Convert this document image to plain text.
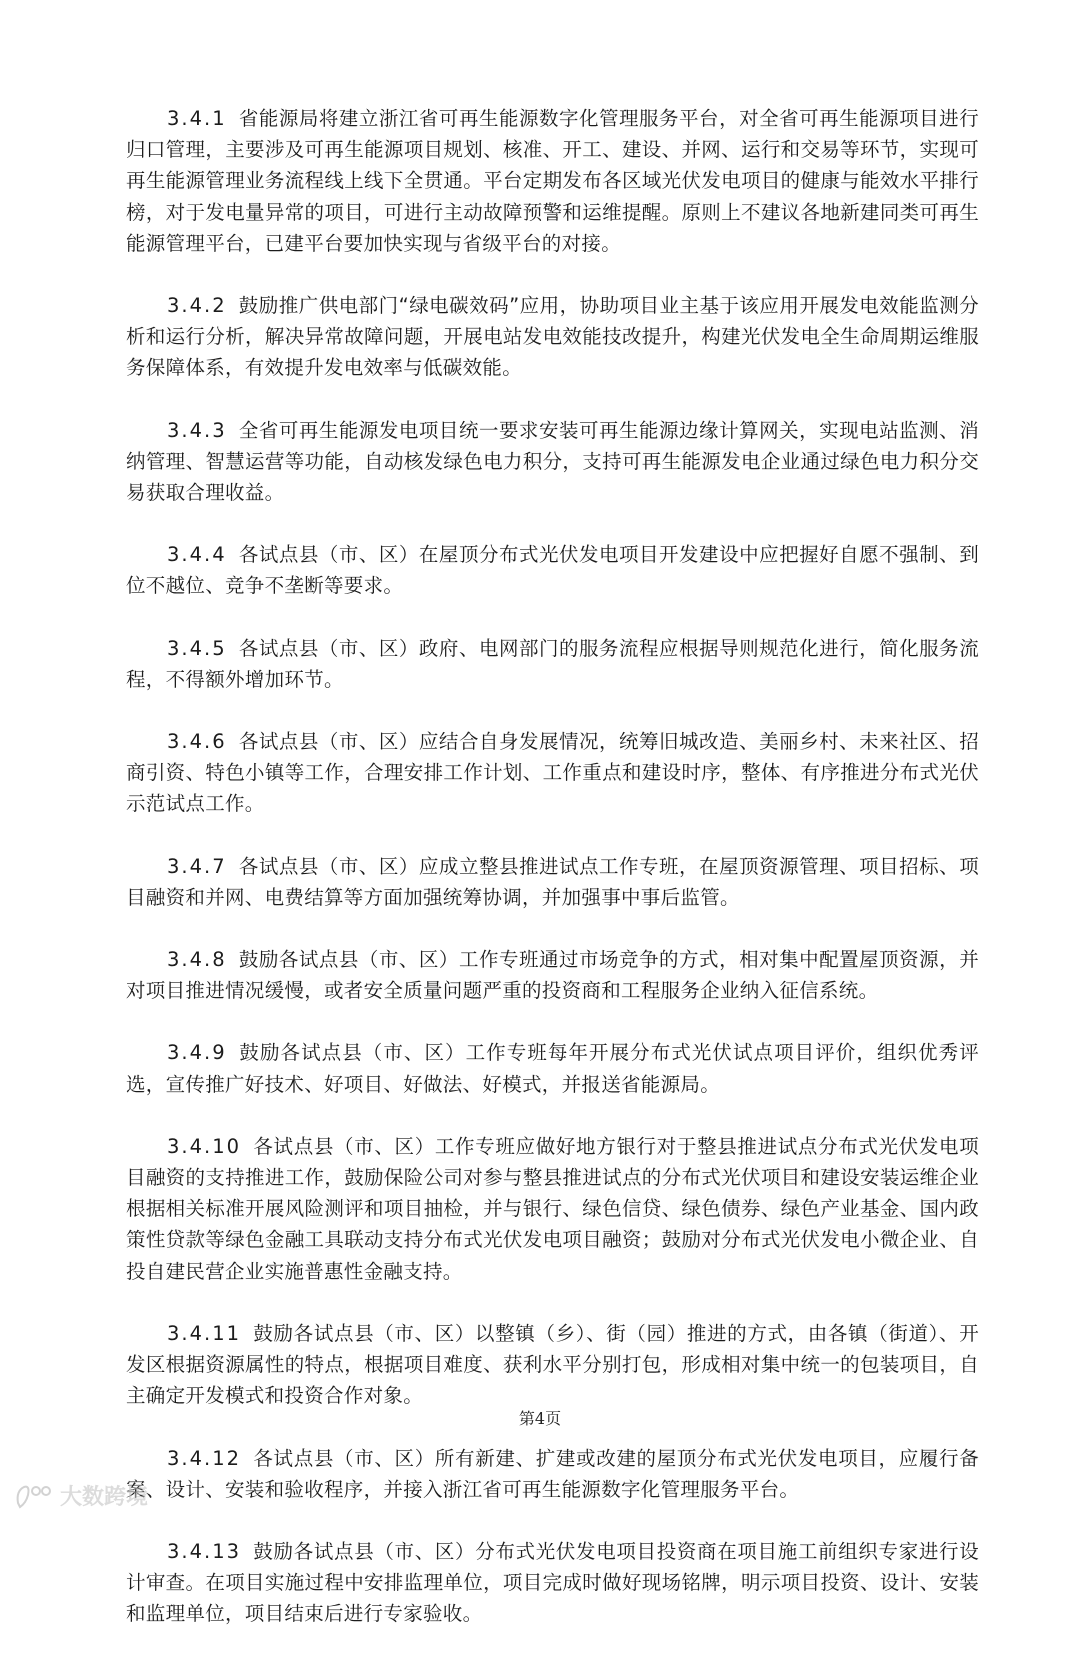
3.4.1 省能源局将建立浙江省可再生能源数字化管理服务平台，对全省可再生能源项目进行归口管理，主要涉及可再生能源项目规划、核准、开工、建设、并网、运行和交易等环节，实现可再生能源管理业务流程线上线下全贯通。平台定期发布各区域光伏发电项目的健康与能效水平排行榜，对于发电量异常的项目，可进行主动故障预警和运维提醒。原则上不建议各地新建同类可再生能源管理平台，已建平台要加快实现与省级平台的对接。

3.4.2 鼓励推广供电部门“绿电碳效码”应用，协助项目业主基于该应用开展发电效能监测分析和运行分析，解决异常故障问题，开展电站发电效能技改提升，构建光伏发电全生命周期运维服务保障体系，有效提升发电效率与低碳效能。

3.4.3 全省可再生能源发电项目统一要求安装可再生能源边缘计算网关，实现电站监测、消纳管理、智慧运营等功能，自动核发绿色电力积分，支持可再生能源发电企业通过绿色电力积分交易获取合理收益。

3.4.4 各试点县（市、区）在屋顶分布式光伏发电项目开发建设中应把握好自愿不强制、到位不越位、竞争不垄断等要求。

3.4.5 各试点县（市、区）政府、电网部门的服务流程应根据导则规范化进行，简化服务流程，不得额外增加环节。

3.4.6 各试点县（市、区）应结合自身发展情况，统筹旧城改造、美丽乡村、未来社区、招商引资、特色小镇等工作，合理安排工作计划、工作重点和建设时序，整体、有序推进分布式光伏示范试点工作。

3.4.7 各试点县（市、区）应成立整县推进试点工作专班，在屋顶资源管理、项目招标、项目融资和并网、电费结算等方面加强统筹协调，并加强事中事后监管。

3.4.8 鼓励各试点县（市、区）工作专班通过市场竞争的方式，相对集中配置屋顶资源，并对项目推进情况缓慢，或者安全质量问题严重的投资商和工程服务企业纳入征信系统。

3.4.9 鼓励各试点县（市、区）工作专班每年开展分布式光伏试点项目评价，组织优秀评选，宣传推广好技术、好项目、好做法、好模式，并报送省能源局。

3.4.10 各试点县（市、区）工作专班应做好地方银行对于整县推进试点分布式光伏发电项目融资的支持推进工作，鼓励保险公司对参与整县推进试点的分布式光伏项目和建设安装运维企业根据相关标准开展风险测评和项目抽检，并与银行、绿色信贷、绿色债券、绿色产业基金、国内政策性贷款等绿色金融工具联动支持分布式光伏发电项目融资；鼓励对分布式光伏发电小微企业、自投自建民营企业实施普惠性金融支持。

3.4.11 鼓励各试点县（市、区）以整镇（乡）、街（园）推进的方式，由各镇（街道）、开发区根据资源属性的特点，根据项目难度、获利水平分别打包，形成相对集中统一的包装项目，自主确定开发模式和投资合作对象。

3.4.12 各试点县（市、区）所有新建、扩建或改建的屋顶分布式光伏发电项目，应履行备案、设计、安装和验收程序，并接入浙江省可再生能源数字化管理服务平台。

3.4.13 鼓励各试点县（市、区）分布式光伏发电项目投资商在项目施工前组织专家进行设计审查。在项目实施过程中安排监理单位，项目完成时做好现场铭牌，明示项目投资、设计、安装和监理单位，项目结束后进行专家验收。

第4页
大数跨境
